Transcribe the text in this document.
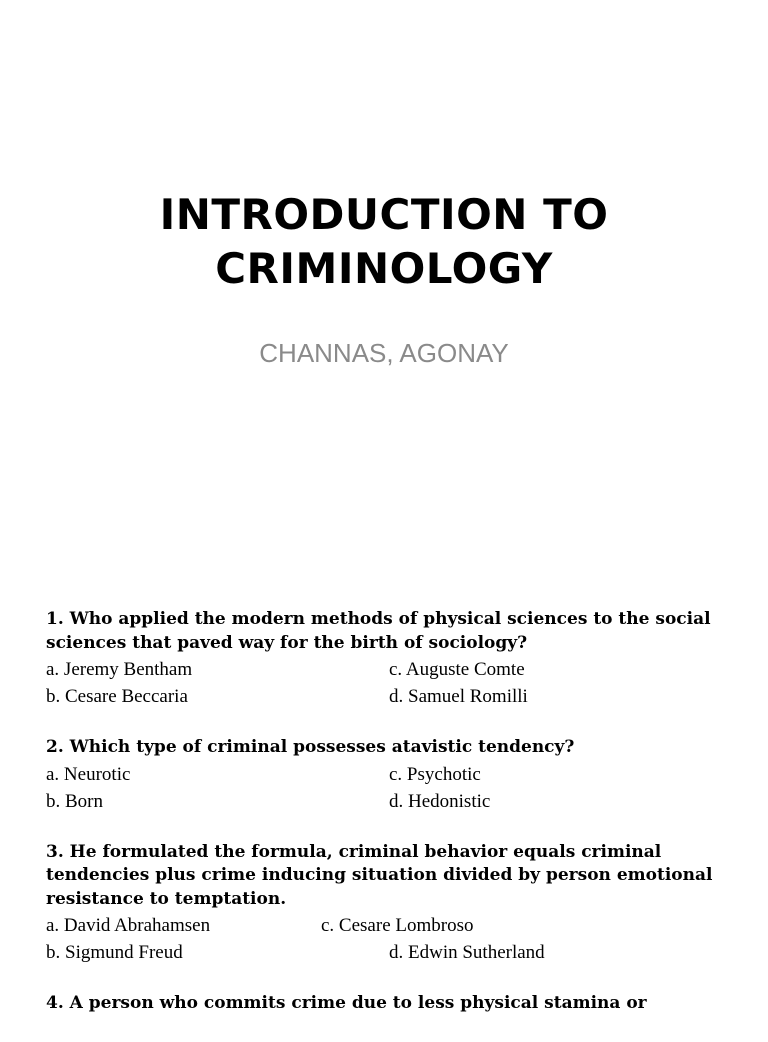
INTRODUCTION TO
CRIMINOLOGY
CHANNAS, AGONAY

1. Who applied the modern methods of physical sciences to the social sciences that paved way for the birth of sociology?

a. Jeremy Bentham	c. Auguste Comte
b. Cesare Beccaria	d. Samuel Romilli

2. Which type of criminal possesses atavistic tendency?

a. Neurotic	c. Psychotic
b. Born	d. Hedonistic

3. He formulated the formula, criminal behavior equals criminal tendencies plus crime inducing situation divided by person emotional resistance to temptation.

a. David Abrahamsen	c. Cesare Lombroso
b. Sigmund Freud	d. Edwin Sutherland

4. A person who commits crime due to less physical stamina or
